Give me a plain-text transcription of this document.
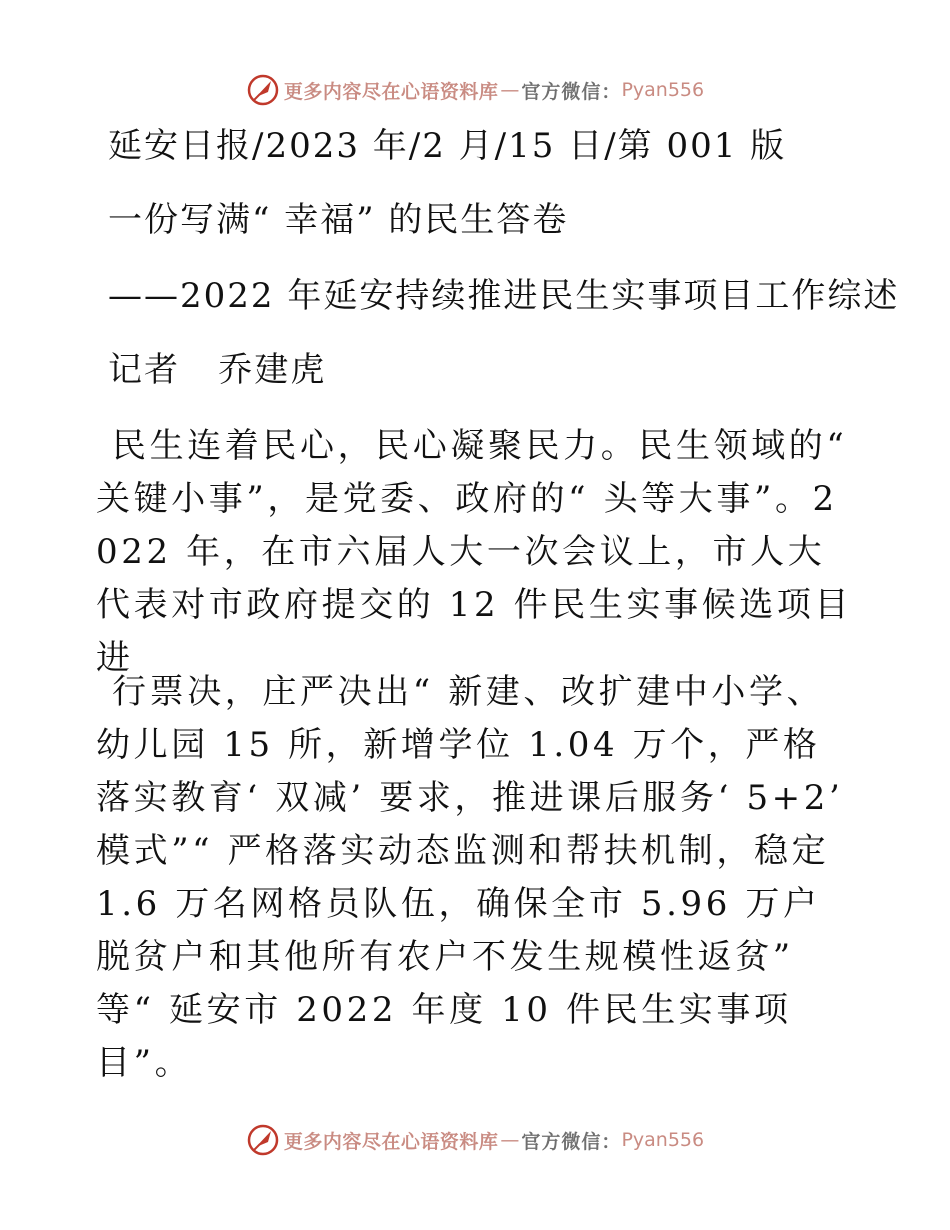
更多内容尽在心语资料库 — 官方微信： Pyan556
延安日报/2023 年/2 月/15 日/第 001 版
一份写满“ 幸福” 的民生答卷
——2022 年延安持续推进民生实事项目工作综述
记者   乔建虎
民生连着民心，民心凝聚民力。民生领域的“ 关键小事”，是党委、政府的“ 头等大事”。2022 年，在市六届人大一次会议上，市人大代表对市政府提交的 12 件民生实事候选项目进
行票决，庄严决出“ 新建、改扩建中小学、幼儿园 15 所，新增学位 1.04 万个，严格落实教育‘ 双减’ 要求，推进课后服务‘ 5+2’ 模式”“ 严格落实动态监测和帮扶机制，稳定 1.6 万名网格员队伍，确保全市 5.96 万户脱贫户和其他所有农户不发生规模性返贫” 等“ 延安市 2022 年度 10 件民生实事项目”。
更多内容尽在心语资料库 — 官方微信： Pyan556
